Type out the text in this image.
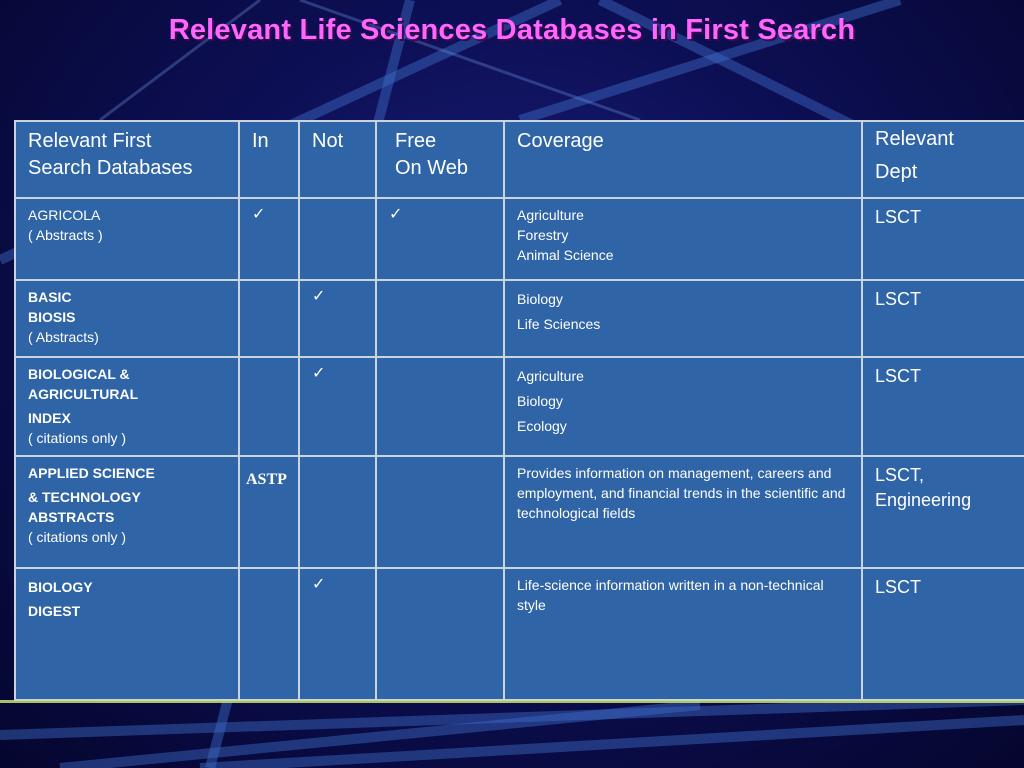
Relevant Life Sciences Databases in First Search
Relevant First
Search Databases	In	Not	Free
On Web	Coverage	Relevant
Dept

AGRICOLA
( Abstracts )	✓		✓	Agriculture
Forestry
Animal Science	LSCT

BASIC
BIOSIS
( Abstracts)		✓		Biology
Life Sciences	LSCT

BIOLOGICAL &
AGRICULTURAL
INDEX
( citations only )		✓		Agriculture
Biology
Ecology	LSCT

APPLIED SCIENCE
& TECHNOLOGY
ABSTRACTS
( citations only )	ASTP			Provides information on management, careers and employment, and financial trends in the scientific and technological fields	LSCT,
Engineering

BIOLOGY
DIGEST		✓		Life-science information written in a non-technical style	LSCT
